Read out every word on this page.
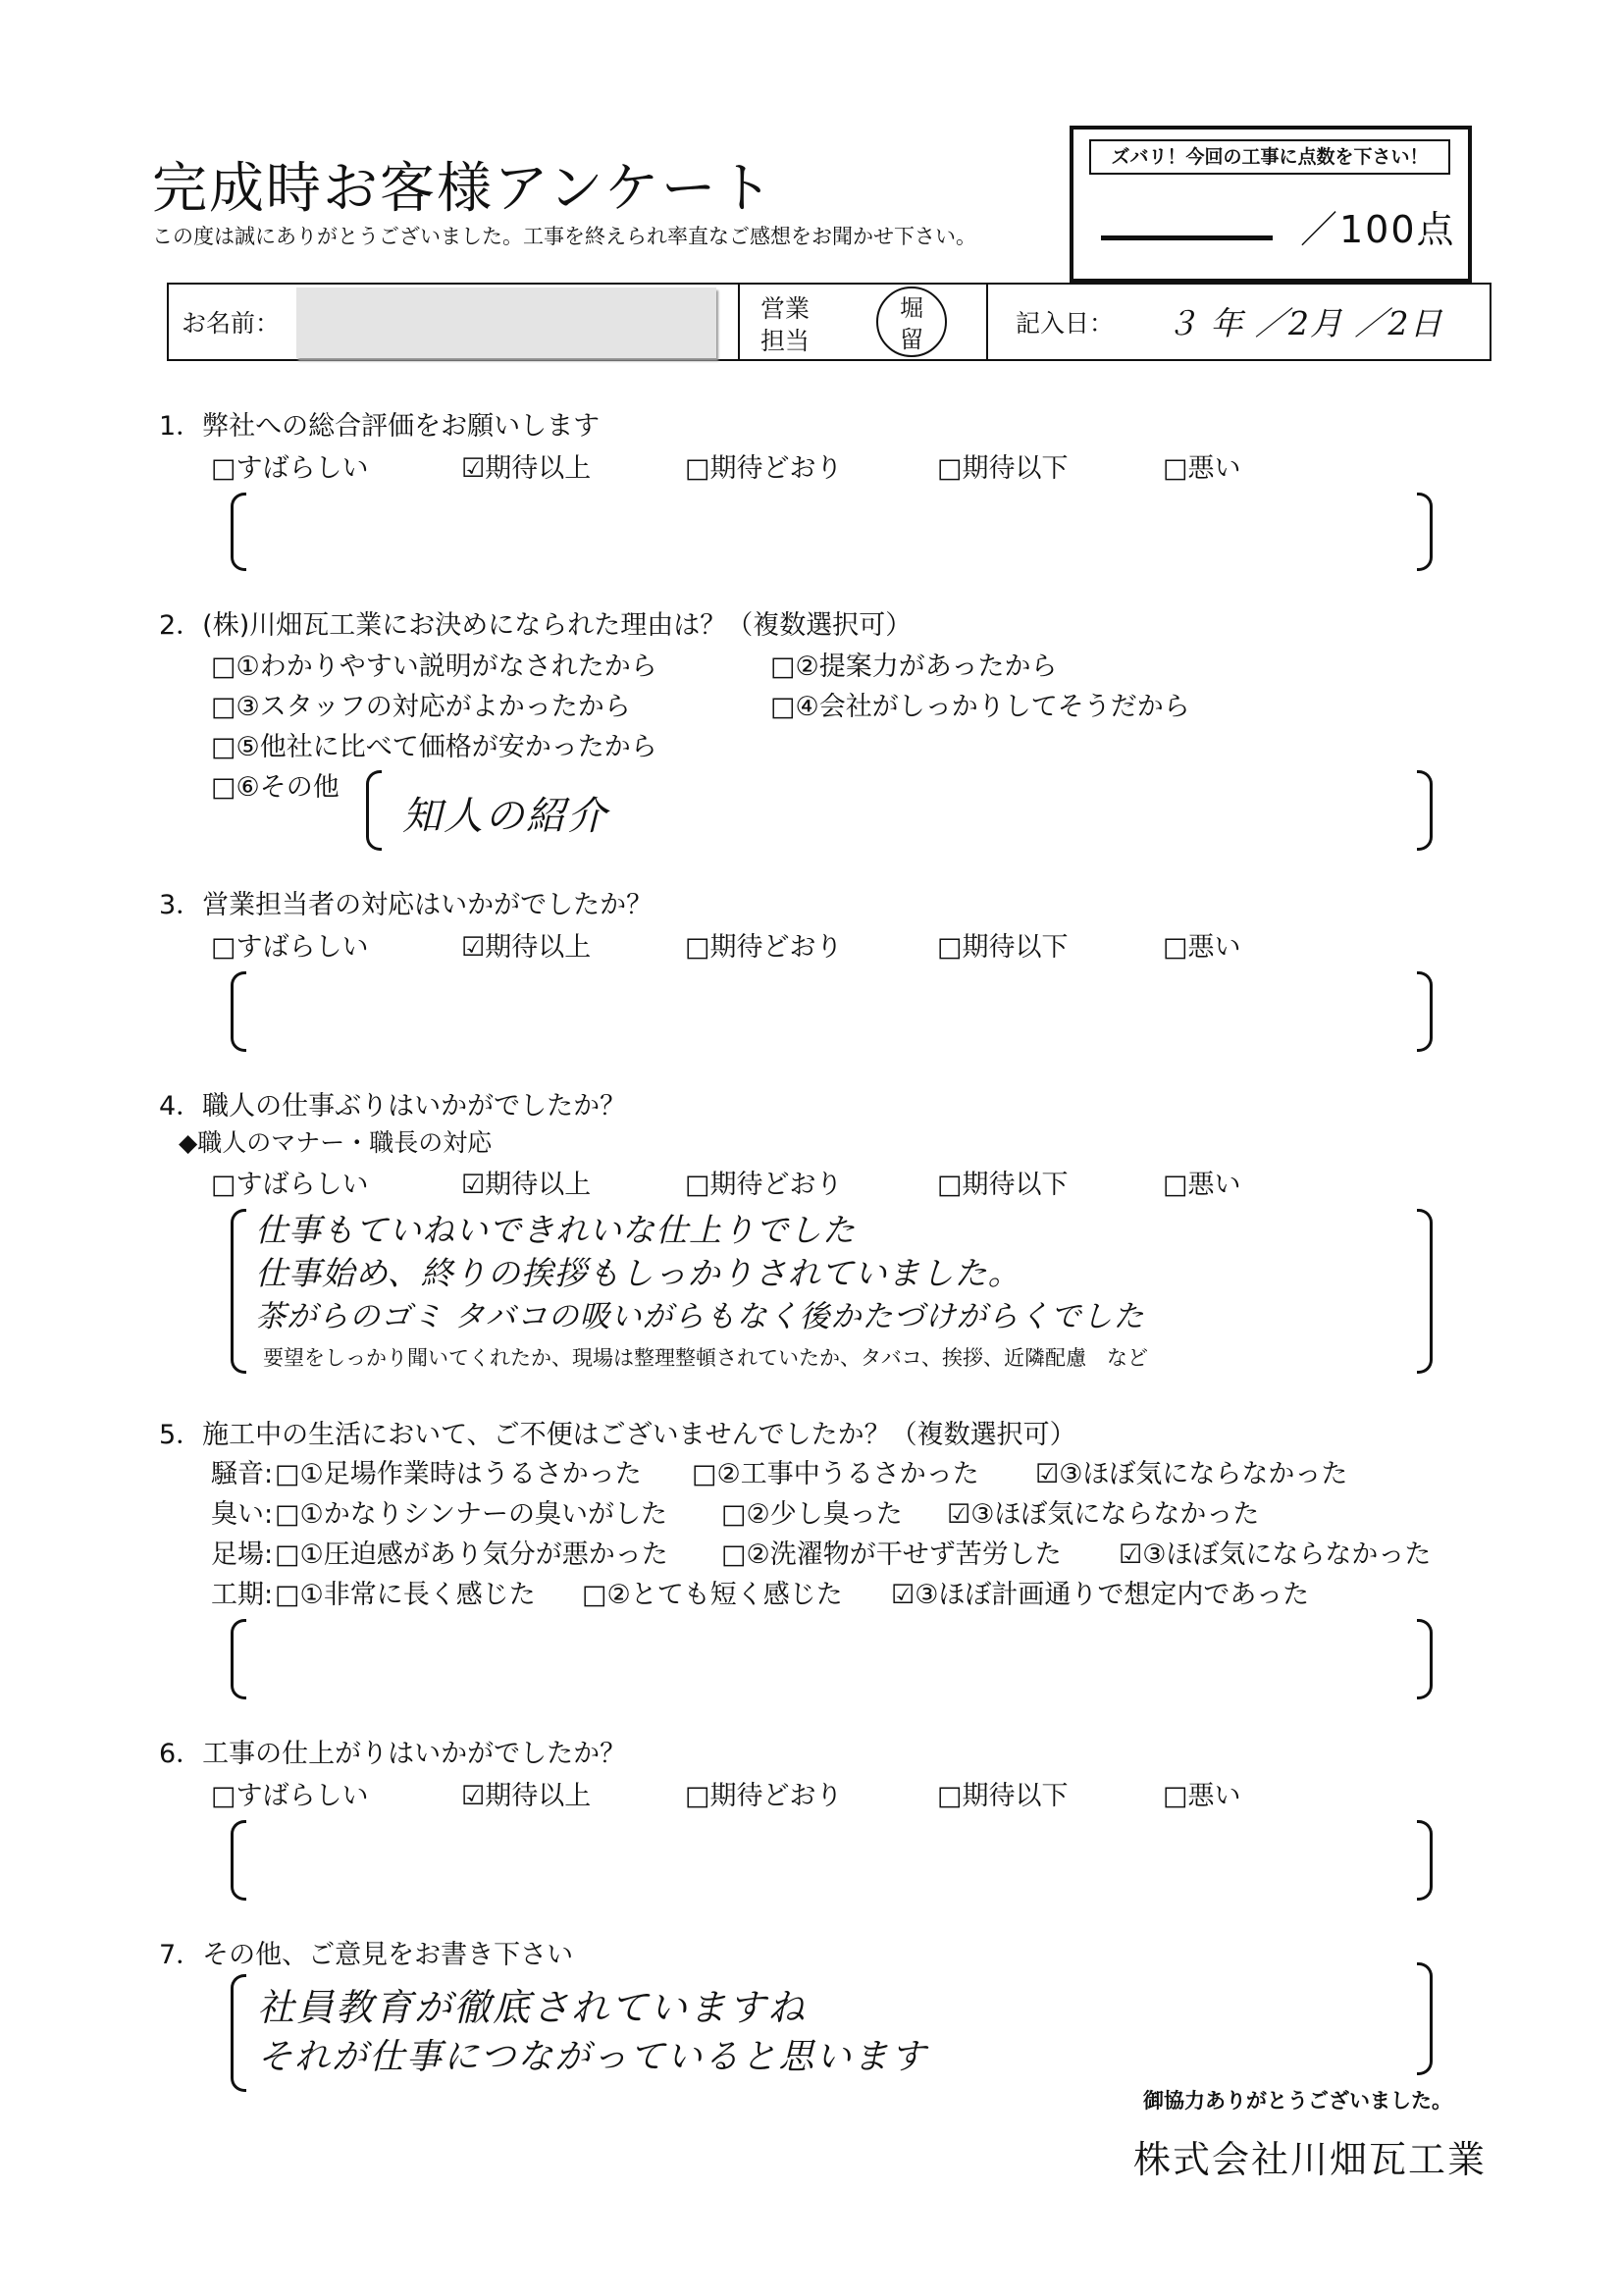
完成時お客様アンケート
この度は誠にありがとうございました。工事を終えられ率直なご感想をお聞かせ下さい。
ズバリ！今回の工事に点数を下さい！
／100点
お名前：
営業
担当
堀
留
記入日： ３ 年 ／2月 ／2日
1．弊社への総合評価をお願いします
□すばらしい	☑期待以上	□期待どおり	□期待以下	□悪い
2．(株)川畑瓦工業にお決めになられた理由は？（複数選択可）
□①わかりやすい説明がなされたから	□②提案力があったから
□③スタッフの対応がよかったから	□④会社がしっかりしてそうだから
□⑤他社に比べて価格が安かったから
□⑥その他
知人の紹介
3．営業担当者の対応はいかがでしたか？
□すばらしい	☑期待以上	□期待どおり	□期待以下	□悪い
4．職人の仕事ぶりはいかがでしたか？
◆職人のマナー・職長の対応
□すばらしい	☑期待以上	□期待どおり	□期待以下	□悪い
仕事もていねいできれいな仕上りでした
仕事始め、終りの挨拶もしっかりされていました。
茶がらのゴミ タバコの吸いがらもなく後かたづけがらくでした
要望をしっかり聞いてくれたか、現場は整理整頓されていたか、タバコ、挨拶、近隣配慮　など
5．施工中の生活において、ご不便はございませんでしたか？（複数選択可）
騒音: □①足場作業時はうるさかった □②工事中うるさかった ☑③ほぼ気にならなかった
臭い: □①かなりシンナーの臭いがした □②少し臭った ☑③ほぼ気にならなかった
足場: □①圧迫感があり気分が悪かった □②洗濯物が干せず苦労した ☑③ほぼ気にならなかった
工期: □①非常に長く感じた □②とても短く感じた ☑③ほぼ計画通りで想定内であった
6．工事の仕上がりはいかがでしたか？
□すばらしい	☑期待以上	□期待どおり	□期待以下	□悪い
7．その他、ご意見をお書き下さい
社員教育が徹底されていますね
それが仕事につながっていると思います
御協力ありがとうございました。
株式会社川畑瓦工業
